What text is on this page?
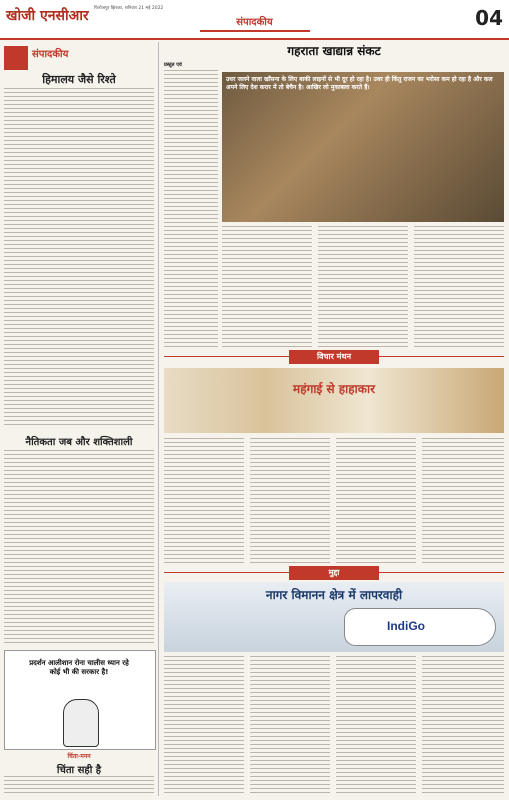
खोजी एनसीआर फिरोजपुर झिरका, शनिवार 21 मई 2022
संपादकीय	04
संपादकीय
हिमालय जैसे रिश्ते
नैतिकता जब और शक्तिशाली
प्रदर्शन आलीशान रोना चालीस ध्यान रहे कोई भी की सरकार है!
चिंता-मनन
चिंता सही है
गहराता खाद्यान्न संकट
प्रस्तुत एवं
उधर जलने वाला खाँसना के लिए बाकी लाइनों से भी दूर हो रहा है। उधर ही किंतु राजन का भरोसा कम हो रहा है और कल अपने लिए देश करार में तो बेचैन है। आखिर लो मुकाबला करते हैं।
विचार मंथन
महंगाई से हाहाकार
मुद्दा
नागर विमानन क्षेत्र में लापरवाही
IndiGo
